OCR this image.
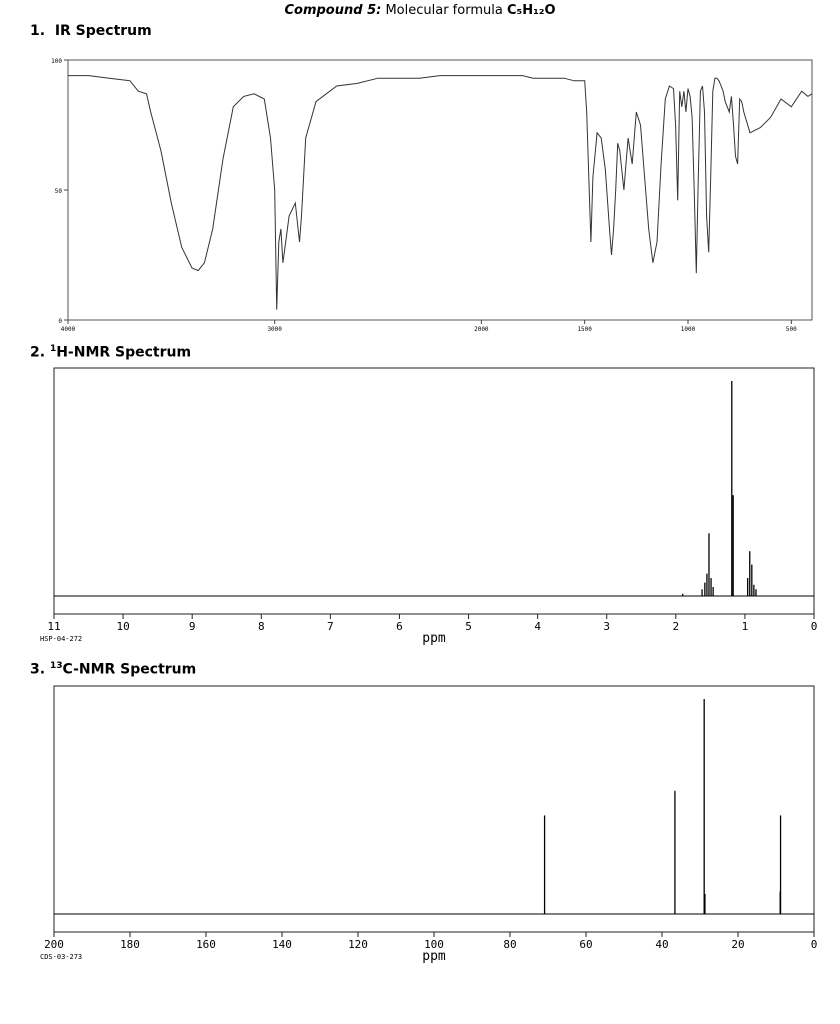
Compound 5: Molecular formula C₅H₁₂O
1. IR Spectrum
100
50
0
4000	3000	2000	1500	1000	500
2. $^1$H-NMR Spectrum
11	10	9	8	7	6	5	4	3	2	1	0
ppm
HSP-04-272
3. $^{13}$C-NMR Spectrum
200	180	160	140	120	100	80	60	40	20	0
ppm
CDS-03-273
